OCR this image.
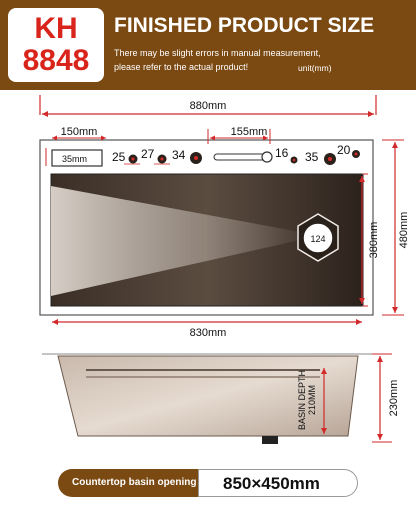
KH
8848
FINISHED PRODUCT SIZE
There may be slight errors in manual measurement,
please refer to the actual product!	unit(mm)
880mm
150mm	155mm
35mm 25 27 34	16 35 20
124	380mm 480mm
830mm
BASIN DEPTH 210MM	230mm
Countertop basin opening 850×450mm
